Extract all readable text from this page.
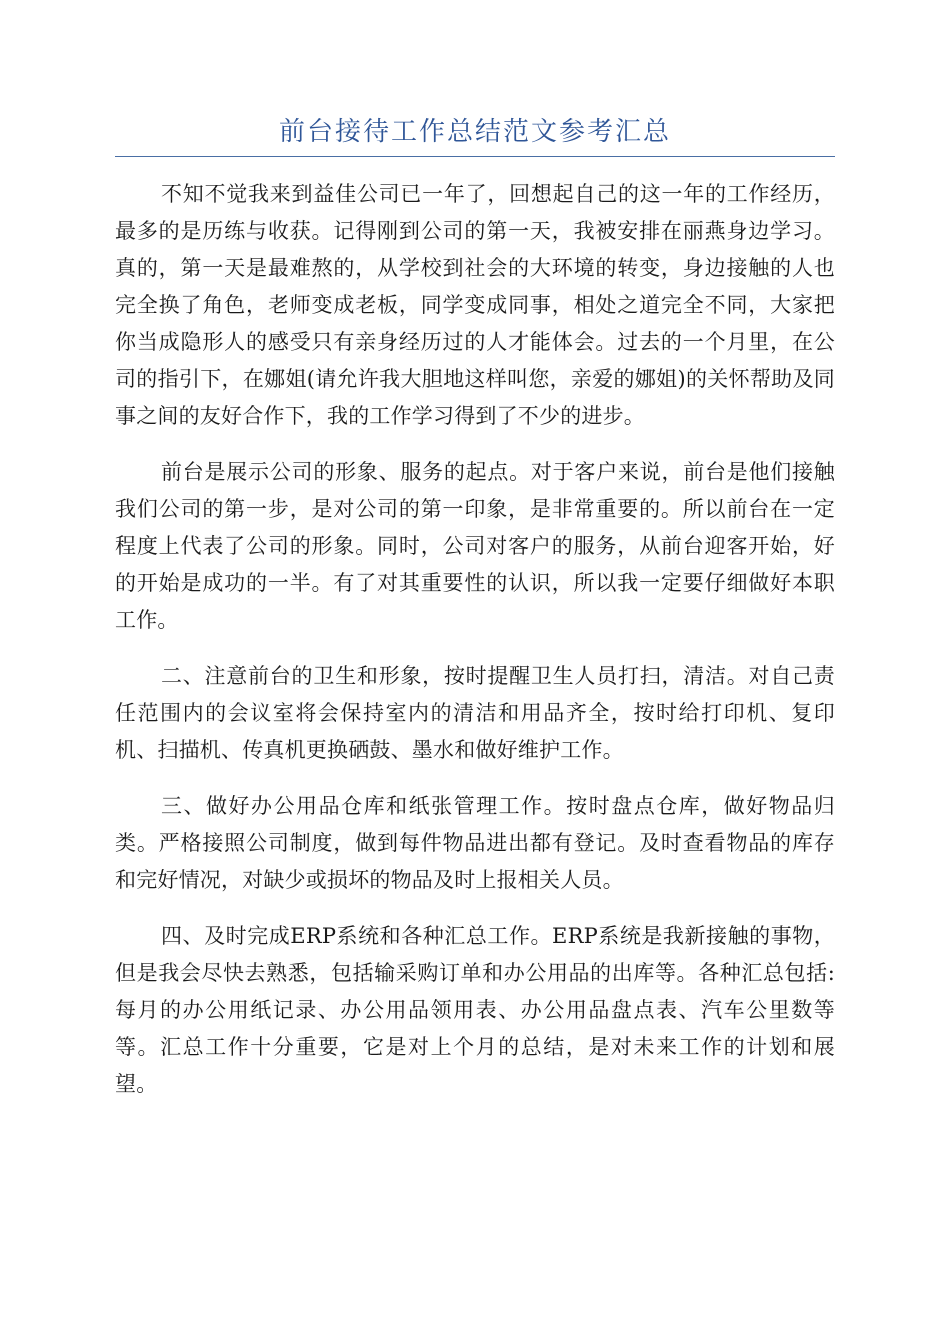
前台接待工作总结范文参考汇总

不知不觉我来到益佳公司已一年了，回想起自己的这一年的工作经历，最多的是历练与收获。记得刚到公司的第一天，我被安排在丽燕身边学习。真的，第一天是最难熬的，从学校到社会的大环境的转变，身边接触的人也完全换了角色，老师变成老板，同学变成同事，相处之道完全不同，大家把你当成隐形人的感受只有亲身经历过的人才能体会。过去的一个月里，在公司的指引下，在娜姐(请允许我大胆地这样叫您，亲爱的娜姐)的关怀帮助及同事之间的友好合作下，我的工作学习得到了不少的进步。

前台是展示公司的形象、服务的起点。对于客户来说，前台是他们接触我们公司的第一步，是对公司的第一印象，是非常重要的。所以前台在一定程度上代表了公司的形象。同时，公司对客户的服务，从前台迎客开始，好的开始是成功的一半。有了对其重要性的认识，所以我一定要仔细做好本职工作。

二、注意前台的卫生和形象，按时提醒卫生人员打扫，清洁。对自己责任范围内的会议室将会保持室内的清洁和用品齐全，按时给打印机、复印机、扫描机、传真机更换硒鼓、墨水和做好维护工作。

三、做好办公用品仓库和纸张管理工作。按时盘点仓库，做好物品归类。严格接照公司制度，做到每件物品进出都有登记。及时查看物品的库存和完好情况，对缺少或损坏的物品及时上报相关人员。

四、及时完成ERP系统和各种汇总工作。ERP系统是我新接触的事物，但是我会尽快去熟悉，包括输采购订单和办公用品的出库等。各种汇总包括:每月的办公用纸记录、办公用品领用表、办公用品盘点表、汽车公里数等等。汇总工作十分重要，它是对上个月的总结，是对未来工作的计划和展望。
